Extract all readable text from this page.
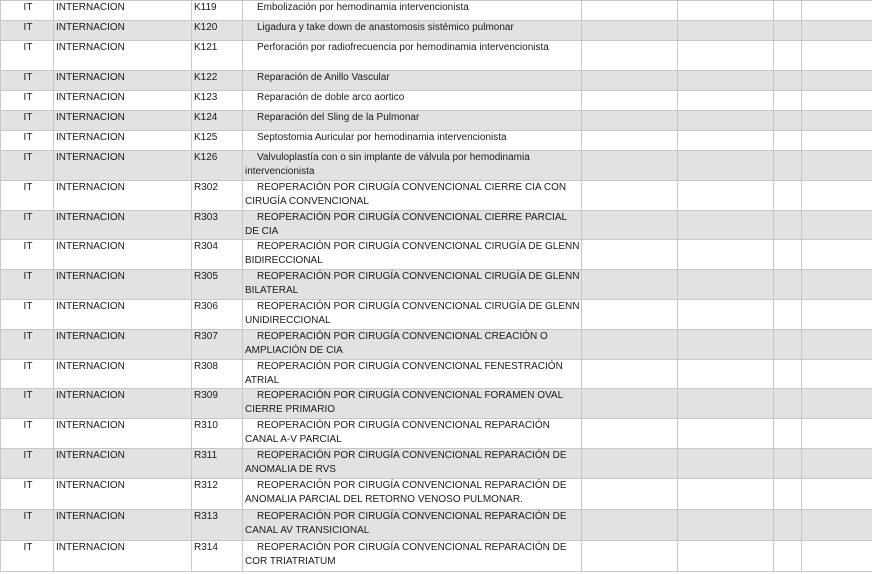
IT	INTERNACION	K119	Embolización por hemodinamia intervencionista				
IT	INTERNACION	K120	Ligadura y take down de anastomosis sistémico pulmonar				
IT	INTERNACION	K121	Perforación por radiofrecuencia por hemodinamia intervencionista				
IT	INTERNACION	K122	Reparación de Anillo Vascular				
IT	INTERNACION	K123	Reparación de doble arco aortico				
IT	INTERNACION	K124	Reparación del Sling de la Pulmonar				
IT	INTERNACION	K125	Septostomia Auricular por hemodinamia intervencionista				
IT	INTERNACION	K126	Valvuloplastía con o sin implante de válvula por hemodinamia intervencionista				
IT	INTERNACION	R302	REOPERACIÓN POR CIRUGÍA CONVENCIONAL CIERRE CIA CON CIRUGÍA CONVENCIONAL				
IT	INTERNACION	R303	REOPERACIÓN POR CIRUGÍA CONVENCIONAL CIERRE PARCIAL DE CIA				
IT	INTERNACION	R304	REOPERACIÓN POR CIRUGÍA CONVENCIONAL CIRUGÍA DE GLENN BIDIRECCIONAL				
IT	INTERNACION	R305	REOPERACIÓN POR CIRUGÍA CONVENCIONAL CIRUGÍA DE GLENN BILATERAL				
IT	INTERNACION	R306	REOPERACIÓN POR CIRUGÍA CONVENCIONAL CIRUGÍA DE GLENN UNIDIRECCIONAL				
IT	INTERNACION	R307	REOPERACIÓN POR CIRUGÍA CONVENCIONAL CREACIÓN O AMPLIACIÓN DE CIA				
IT	INTERNACION	R308	REOPERACIÓN POR CIRUGÍA CONVENCIONAL FENESTRACIÓN ATRIAL				
IT	INTERNACION	R309	REOPERACIÓN POR CIRUGÍA CONVENCIONAL FORAMEN OVAL CIERRE PRIMARIO				
IT	INTERNACION	R310	REOPERACIÓN POR CIRUGÍA CONVENCIONAL REPARACIÓN CANAL A-V PARCIAL				
IT	INTERNACION	R311	REOPERACIÓN POR CIRUGÍA CONVENCIONAL REPARACIÓN DE ANOMALIA DE RVS				
IT	INTERNACION	R312	REOPERACIÓN POR CIRUGÍA CONVENCIONAL REPARACIÓN DE ANOMALIA PARCIAL DEL RETORNO VENOSO PULMONAR.				
IT	INTERNACION	R313	REOPERACIÓN POR CIRUGÍA CONVENCIONAL REPARACIÓN DE CANAL AV TRANSICIONAL				
IT	INTERNACION	R314	REOPERACIÓN POR CIRUGÍA CONVENCIONAL REPARACIÓN DE COR TRIATRIATUM				
